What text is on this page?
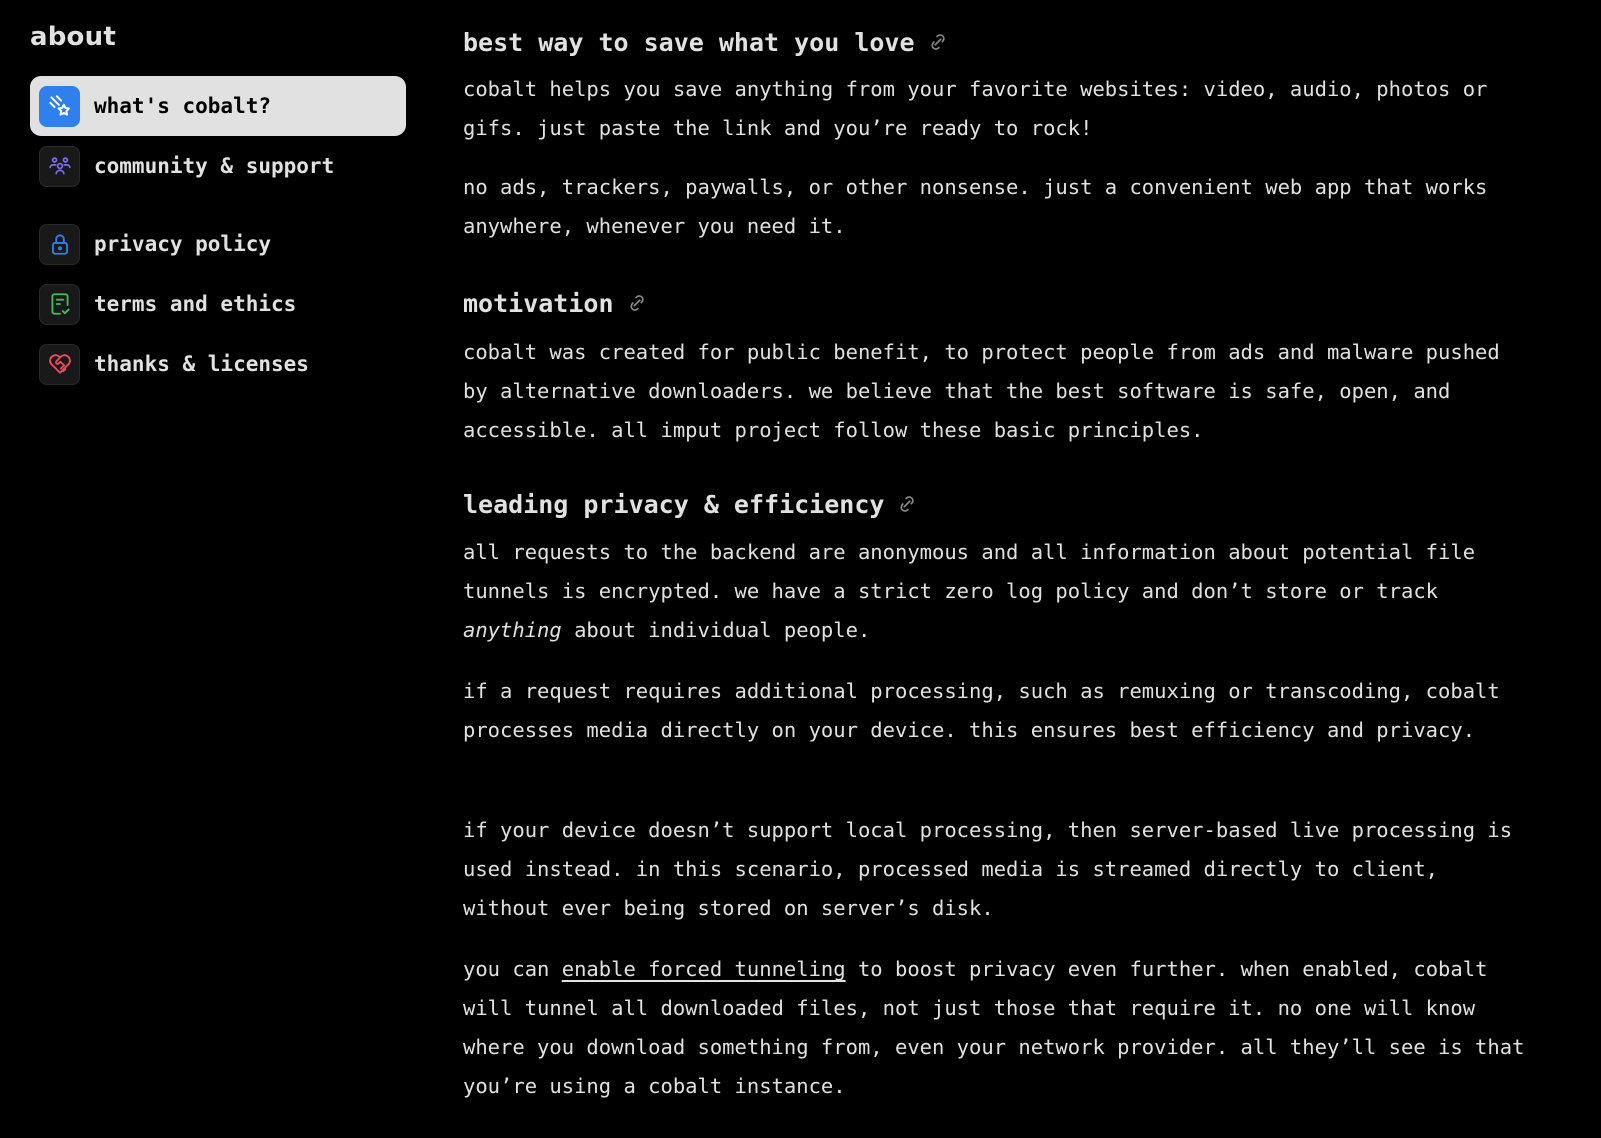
about
what's cobalt?
community & support
privacy policy
terms and ethics
thanks & licenses
best way to save what you love

cobalt helps you save anything from your favorite websites: video, audio, photos or gifs. just paste the link and you’re ready to rock!

no ads, trackers, paywalls, or other nonsense. just a convenient web app that works anywhere, whenever you need it.

motivation

cobalt was created for public benefit, to protect people from ads and malware pushed by alternative downloaders. we believe that the best software is safe, open, and accessible. all imput project follow these basic principles.

leading privacy & efficiency

all requests to the backend are anonymous and all information about potential file tunnels is encrypted. we have a strict zero log policy and don’t store or track anything about individual people.

if a request requires additional processing, such as remuxing or transcoding, cobalt processes media directly on your device. this ensures best efficiency and privacy.

if your device doesn’t support local processing, then server-based live processing is used instead. in this scenario, processed media is streamed directly to client, without ever being stored on server’s disk.

you can enable forced tunneling to boost privacy even further. when enabled, cobalt will tunnel all downloaded files, not just those that require it. no one will know where you download something from, even your network provider. all they’ll see is that you’re using a cobalt instance.
